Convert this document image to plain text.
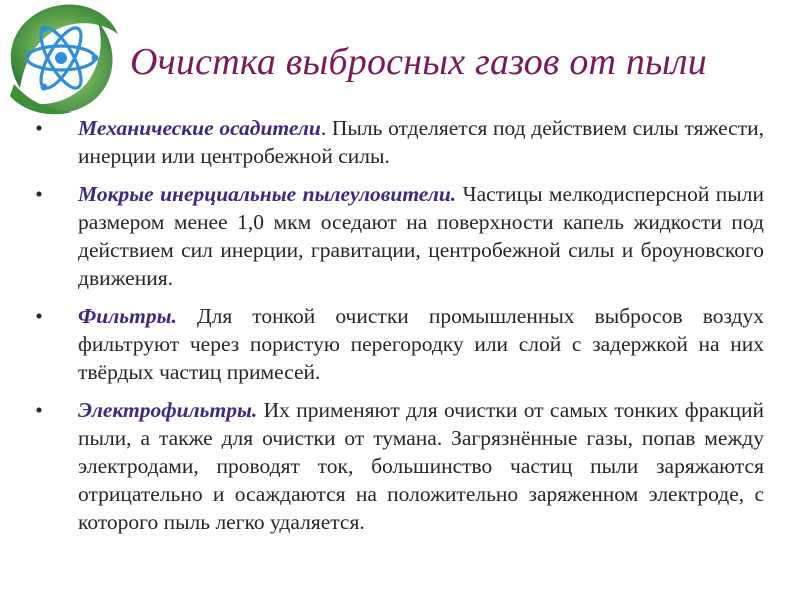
Очистка выбросных газов от пыли
• Механические осадители. Пыль отделяется под действием силы тяжести, инерции или центробежной силы.
• Мокрые инерциальные пылеуловители. Частицы мелкодисперсной пыли размером менее 1,0 мкм оседают на поверхности капель жидкости под действием сил инерции, гравитации, центробежной силы и броуновского движения.
• Фильтры. Для тонкой очистки промышленных выбросов воздух фильтруют через пористую перегородку или слой с задержкой на них твёрдых частиц примесей.
• Электрофильтры. Их применяют для очистки от самых тонких фракций пыли, а также для очистки от тумана. Загрязнённые газы, попав между электродами, проводят ток, большинство частиц пыли заряжаются отрицательно и осаждаются на положительно заряженном электроде, с которого пыль легко удаляется.
